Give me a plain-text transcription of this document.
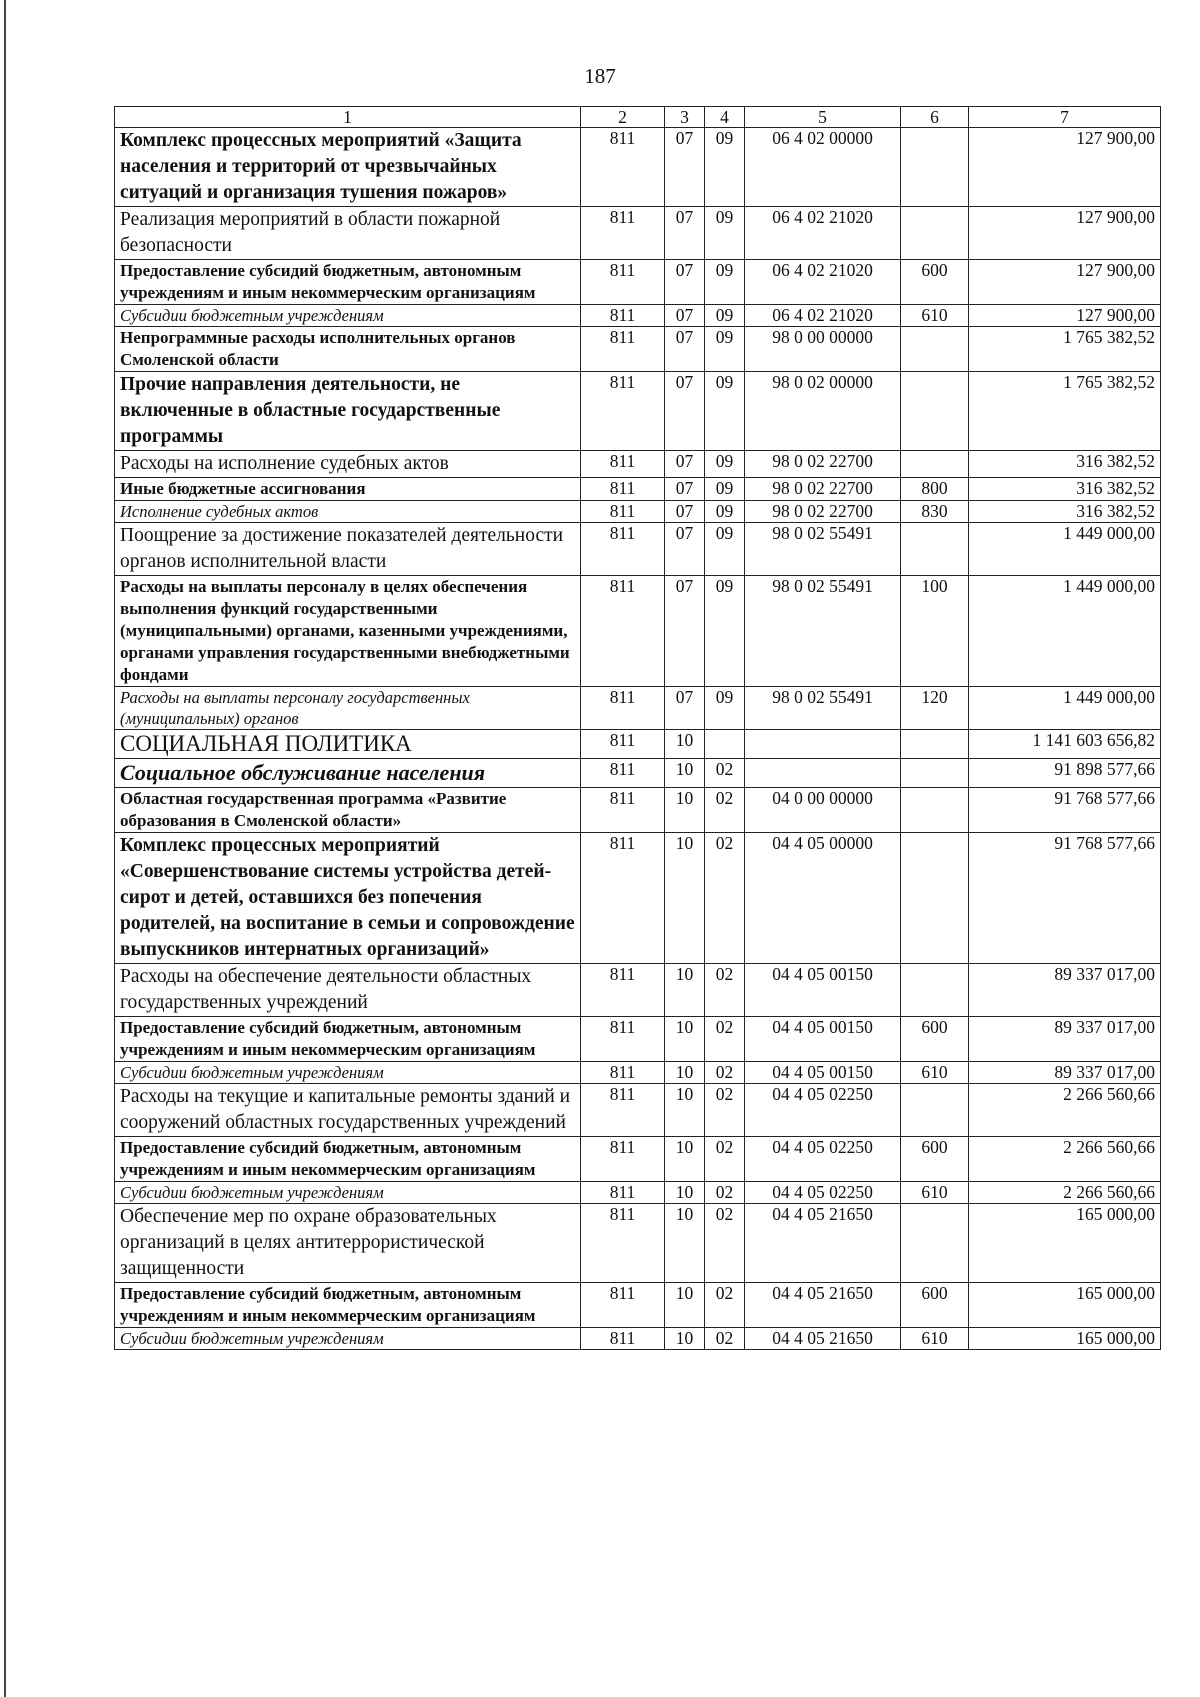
187
1	2	3	4	5	6	7
Комплекс процессных мероприятий «Защита населения и территорий от чрезвычайных ситуаций и организация тушения пожаров»	811	07	09	06 4 02 00000		127 900,00
Реализация мероприятий в области пожарной безопасности	811	07	09	06 4 02 21020		127 900,00
Предоставление субсидий бюджетным, автономным учреждениям и иным некоммерческим организациям	811	07	09	06 4 02 21020	600	127 900,00
Субсидии бюджетным учреждениям	811	07	09	06 4 02 21020	610	127 900,00
Непрограммные расходы исполнительных органов Смоленской области	811	07	09	98 0 00 00000		1 765 382,52
Прочие направления деятельности, не включенные в областные государственные программы	811	07	09	98 0 02 00000		1 765 382,52
Расходы на исполнение судебных актов	811	07	09	98 0 02 22700		316 382,52
Иные бюджетные ассигнования	811	07	09	98 0 02 22700	800	316 382,52
Исполнение судебных актов	811	07	09	98 0 02 22700	830	316 382,52
Поощрение за достижение показателей деятельности органов исполнительной власти	811	07	09	98 0 02 55491		1 449 000,00
Расходы на выплаты персоналу в целях обеспечения выполнения функций государственными (муниципальными) органами, казенными учреждениями, органами управления государственными внебюджетными фондами	811	07	09	98 0 02 55491	100	1 449 000,00
Расходы на выплаты персоналу государственных (муниципальных) органов	811	07	09	98 0 02 55491	120	1 449 000,00
СОЦИАЛЬНАЯ ПОЛИТИКА	811	10				1 141 603 656,82
Социальное обслуживание населения	811	10	02			91 898 577,66
Областная государственная программа «Развитие образования в Смоленской области»	811	10	02	04 0 00 00000		91 768 577,66
Комплекс процессных мероприятий «Совершенствование системы устройства детей-сирот и детей, оставшихся без попечения родителей, на воспитание в семьи и сопровождение выпускников интернатных организаций»	811	10	02	04 4 05 00000		91 768 577,66
Расходы на обеспечение деятельности областных государственных учреждений	811	10	02	04 4 05 00150		89 337 017,00
Предоставление субсидий бюджетным, автономным учреждениям и иным некоммерческим организациям	811	10	02	04 4 05 00150	600	89 337 017,00
Субсидии бюджетным учреждениям	811	10	02	04 4 05 00150	610	89 337 017,00
Расходы на текущие и капитальные ремонты зданий и сооружений областных государственных учреждений	811	10	02	04 4 05 02250		2 266 560,66
Предоставление субсидий бюджетным, автономным учреждениям и иным некоммерческим организациям	811	10	02	04 4 05 02250	600	2 266 560,66
Субсидии бюджетным учреждениям	811	10	02	04 4 05 02250	610	2 266 560,66
Обеспечение мер по охране образовательных организаций в целях антитеррористической защищенности	811	10	02	04 4 05 21650		165 000,00
Предоставление субсидий бюджетным, автономным учреждениям и иным некоммерческим организациям	811	10	02	04 4 05 21650	600	165 000,00
Субсидии бюджетным учреждениям	811	10	02	04 4 05 21650	610	165 000,00
